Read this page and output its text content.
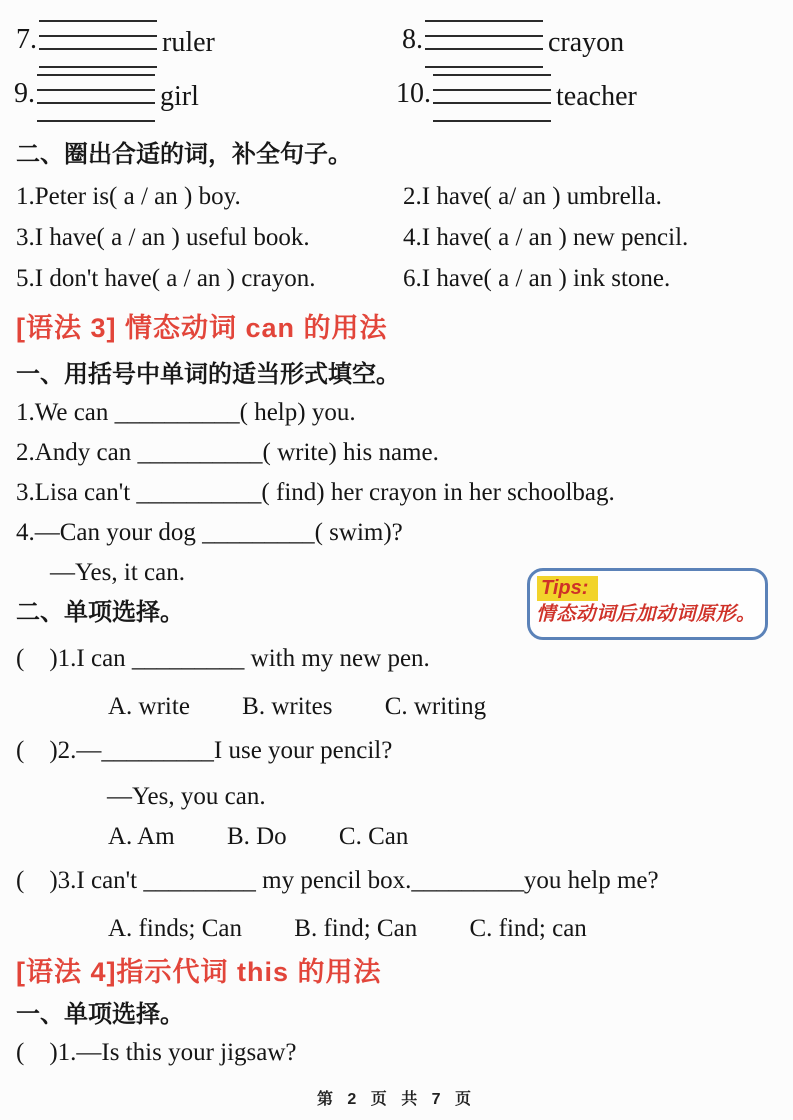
7.	ruler	8.	crayon
9.	girl	10.	teacher
二、圈出合适的词，补全句子。
1.Peter is( a / an ) boy.	2.I have( a/ an ) umbrella.
3.I have( a / an ) useful book.	4.I have( a / an ) new pencil.
5.I don't have( a / an ) crayon.	6.I have( a / an ) ink stone.
[语法 3] 情态动词 can 的用法
一、用括号中单词的适当形式填空。
1.We can __________( help) you.
2.Andy can __________( write) his name.
3.Lisa can't __________( find) her crayon in her schoolbag.
4.—Can your dog _________( swim)?
—Yes, it can.
二、单项选择。
Tips:
情态动词后加动词原形。
(    )1.I can _________ with my new pen.
A. write B. writes C. writing
(    )2.—_________I use your pencil?
—Yes, you can.
A. Am B. Do C. Can
(    )3.I can't _________ my pencil box._________you help me?
A. finds; Can B. find; Can C. find; can
[语法 4]指示代词 this 的用法
一、单项选择。
(    )1.—Is this your jigsaw?
第 2 页 共 7 页
